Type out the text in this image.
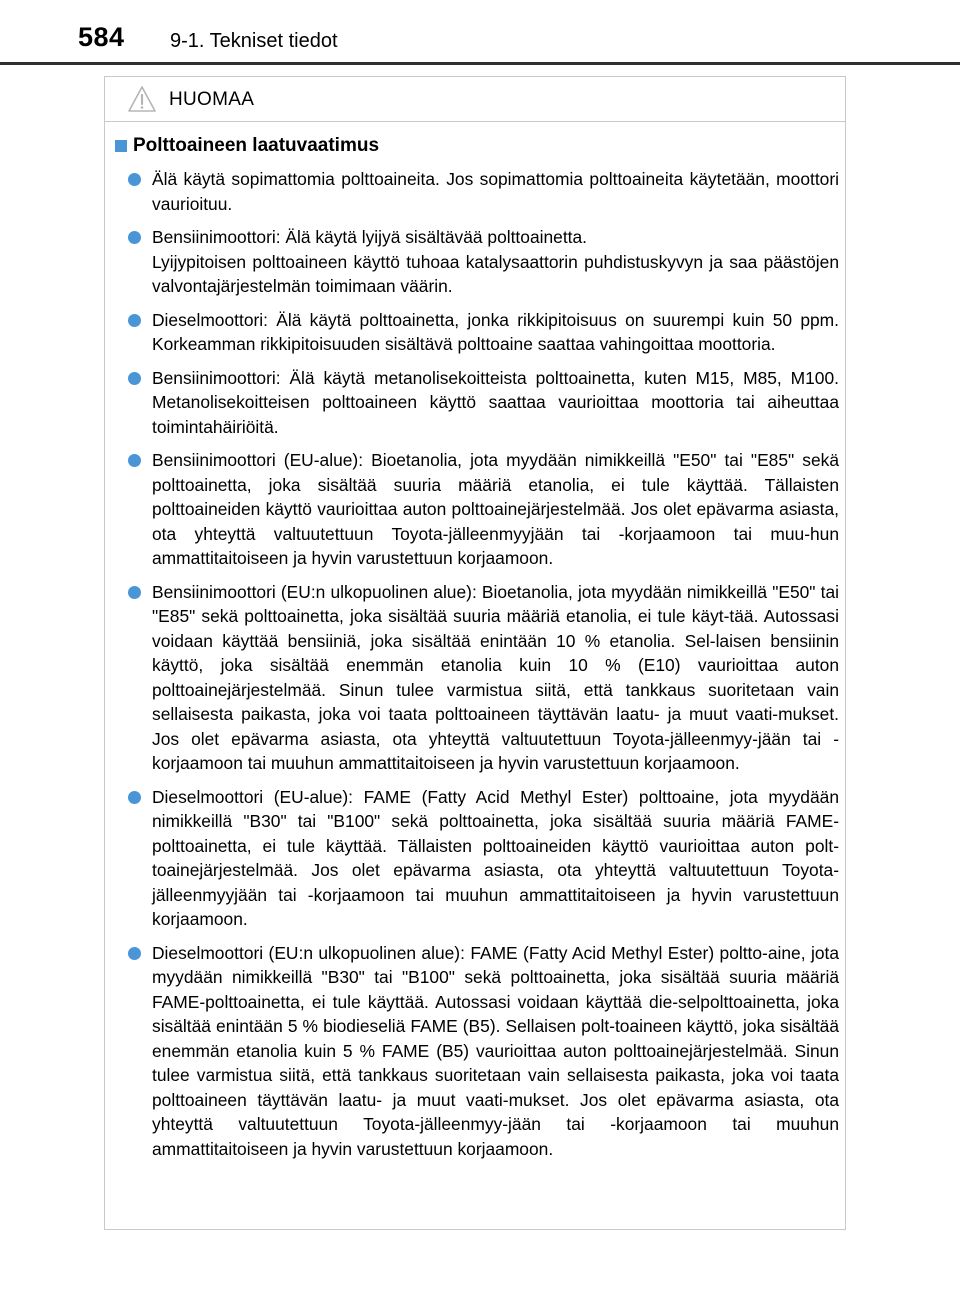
584 9-1. Tekniset tiedot
HUOMAA
Polttoaineen laatuvaatimus
Älä käytä sopimattomia polttoaineita. Jos sopimattomia polttoaineita käytetään, moottori vaurioituu.
Bensiinimoottori: Älä käytä lyijyä sisältävää polttoainetta.
Lyijypitoisen polttoaineen käyttö tuhoaa katalysaattorin puhdistuskyvyn ja saa päästöjen valvontajärjestelmän toimimaan väärin.
Dieselmoottori: Älä käytä polttoainetta, jonka rikkipitoisuus on suurempi kuin 50 ppm. Korkeamman rikkipitoisuuden sisältävä polttoaine saattaa vahingoittaa moottoria.
Bensiinimoottori: Älä käytä metanolisekoitteista polttoainetta, kuten M15, M85, M100. Metanolisekoitteisen polttoaineen käyttö saattaa vaurioittaa moottoria tai aiheuttaa toimintahäiriöitä.
Bensiinimoottori (EU-alue): Bioetanolia, jota myydään nimikkeillä "E50" tai "E85" sekä polttoainetta, joka sisältää suuria määriä etanolia, ei tule käyttää. Tällaisten polttoaineiden käyttö vaurioittaa auton polttoainejärjestelmää. Jos olet epävarma asiasta, ota yhteyttä valtuutettuun Toyota-jälleenmyyjään tai -korjaamoon tai muu-hun ammattitaitoiseen ja hyvin varustettuun korjaamoon.
Bensiinimoottori (EU:n ulkopuolinen alue): Bioetanolia, jota myydään nimikkeillä "E50" tai "E85" sekä polttoainetta, joka sisältää suuria määriä etanolia, ei tule käyt-tää. Autossasi voidaan käyttää bensiiniä, joka sisältää enintään 10 % etanolia. Sel-laisen bensiinin käyttö, joka sisältää enemmän etanolia kuin 10 % (E10) vaurioittaa auton polttoainejärjestelmää. Sinun tulee varmistua siitä, että tankkaus suoritetaan vain sellaisesta paikasta, joka voi taata polttoaineen täyttävän laatu- ja muut vaati-mukset. Jos olet epävarma asiasta, ota yhteyttä valtuutettuun Toyota-jälleenmyy-jään tai -korjaamoon tai muuhun ammattitaitoiseen ja hyvin varustettuun korjaamoon.
Dieselmoottori (EU-alue): FAME (Fatty Acid Methyl Ester) polttoaine, jota myydään nimikkeillä "B30" tai "B100" sekä polttoainetta, joka sisältää suuria määriä FAME-polttoainetta, ei tule käyttää. Tällaisten polttoaineiden käyttö vaurioittaa auton polt-toainejärjestelmää. Jos olet epävarma asiasta, ota yhteyttä valtuutettuun Toyota-jälleenmyyjään tai -korjaamoon tai muuhun ammattitaitoiseen ja hyvin varustettuun korjaamoon.
Dieselmoottori (EU:n ulkopuolinen alue): FAME (Fatty Acid Methyl Ester) poltto-aine, jota myydään nimikkeillä "B30" tai "B100" sekä polttoainetta, joka sisältää suuria määriä FAME-polttoainetta, ei tule käyttää. Autossasi voidaan käyttää die-selpolttoainetta, joka sisältää enintään 5 % biodieseliä FAME (B5). Sellaisen polt-toaineen käyttö, joka sisältää enemmän etanolia kuin 5 % FAME (B5) vaurioittaa auton polttoainejärjestelmää. Sinun tulee varmistua siitä, että tankkaus suoritetaan vain sellaisesta paikasta, joka voi taata polttoaineen täyttävän laatu- ja muut vaati-mukset. Jos olet epävarma asiasta, ota yhteyttä valtuutettuun Toyota-jälleenmyy-jään tai -korjaamoon tai muuhun ammattitaitoiseen ja hyvin varustettuun korjaamoon.
